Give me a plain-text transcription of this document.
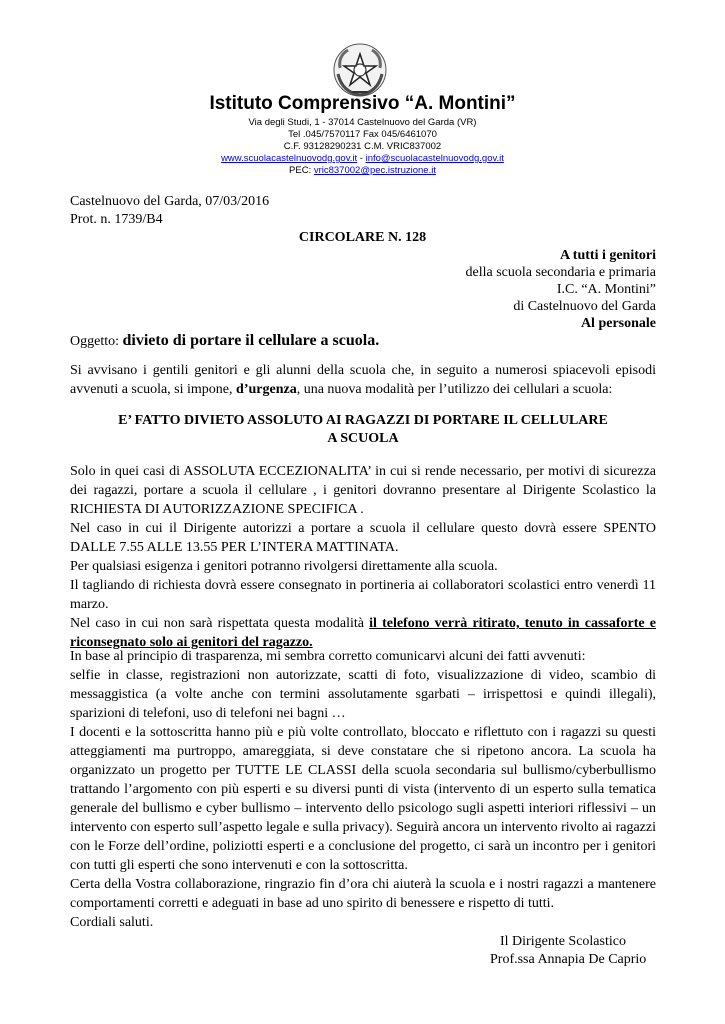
Istituto Comprensivo “A. Montini”
Via degli Studi, 1 - 37014 Castelnuovo del Garda (VR)
Tel .045/7570117 Fax 045/6461070
C.F. 93128290231 C.M. VRIC837002
www.scuolacastelnuovodg.gov.it - info@scuolacastelnuovodg.gov.it
PEC: vric837002@pec.istruzione.it
Castelnuovo del Garda, 07/03/2016
Prot. n. 1739/B4
CIRCOLARE N. 128
A tutti i genitori
della scuola secondaria e primaria
I.C. “A. Montini”
di Castelnuovo del Garda
Al personale
Oggetto: divieto di portare il cellulare a scuola.
Si avvisano i gentili genitori e gli alunni della scuola che, in seguito a numerosi spiacevoli episodi avvenuti a scuola, si impone, d’urgenza, una nuova modalità per l’utilizzo dei cellulari a scuola:
E’ FATTO DIVIETO ASSOLUTO AI RAGAZZI DI PORTARE IL CELLULARE
A SCUOLA
Solo in quei casi di ASSOLUTA ECCEZIONALITA’ in cui si rende necessario, per motivi di sicurezza dei ragazzi, portare a scuola il cellulare , i genitori dovranno presentare al Dirigente Scolastico la RICHIESTA DI AUTORIZZAZIONE SPECIFICA .
Nel caso in cui il Dirigente autorizzi a portare a scuola il cellulare questo dovrà essere SPENTO DALLE 7.55 ALLE 13.55 PER L’INTERA MATTINATA.
Per qualsiasi esigenza i genitori potranno rivolgersi direttamente alla scuola.
Il tagliando di richiesta dovrà essere consegnato in portineria ai collaboratori scolastici entro venerdì 11 marzo.
Nel caso in cui non sarà rispettata questa modalità il telefono verrà ritirato, tenuto in cassaforte e riconsegnato solo ai genitori del ragazzo.
In base al principio di trasparenza, mi sembra corretto comunicarvi alcuni dei fatti avvenuti:
selfie in classe, registrazioni non autorizzate, scatti di foto, visualizzazione di video, scambio di messaggistica (a volte anche con termini assolutamente sgarbati – irrispettosi e quindi illegali), sparizioni di telefoni, uso di telefoni nei bagni …
I docenti e la sottoscritta hanno più e più volte controllato, bloccato e riflettuto con i ragazzi su questi atteggiamenti ma purtroppo, amareggiata, si deve constatare che si ripetono ancora. La scuola ha organizzato un progetto per TUTTE LE CLASSI della scuola secondaria sul bullismo/cyberbullismo trattando l’argomento con più esperti e su diversi punti di vista (intervento di un esperto sulla tematica generale del bullismo e cyber bullismo – intervento dello psicologo sugli aspetti interiori riflessivi – un intervento con esperto sull’aspetto legale e sulla privacy). Seguirà ancora un intervento rivolto ai ragazzi con le Forze dell’ordine, poliziotti esperti e a conclusione del progetto, ci sarà un incontro per i genitori con tutti gli esperti che sono intervenuti e con la sottoscritta.
Certa della Vostra collaborazione, ringrazio fin d’ora chi aiuterà la scuola e i nostri ragazzi a mantenere comportamenti corretti e adeguati in base ad uno spirito di benessere e rispetto di tutti.
Cordiali saluti.
Il Dirigente Scolastico
Prof.ssa Annapia De Caprio
